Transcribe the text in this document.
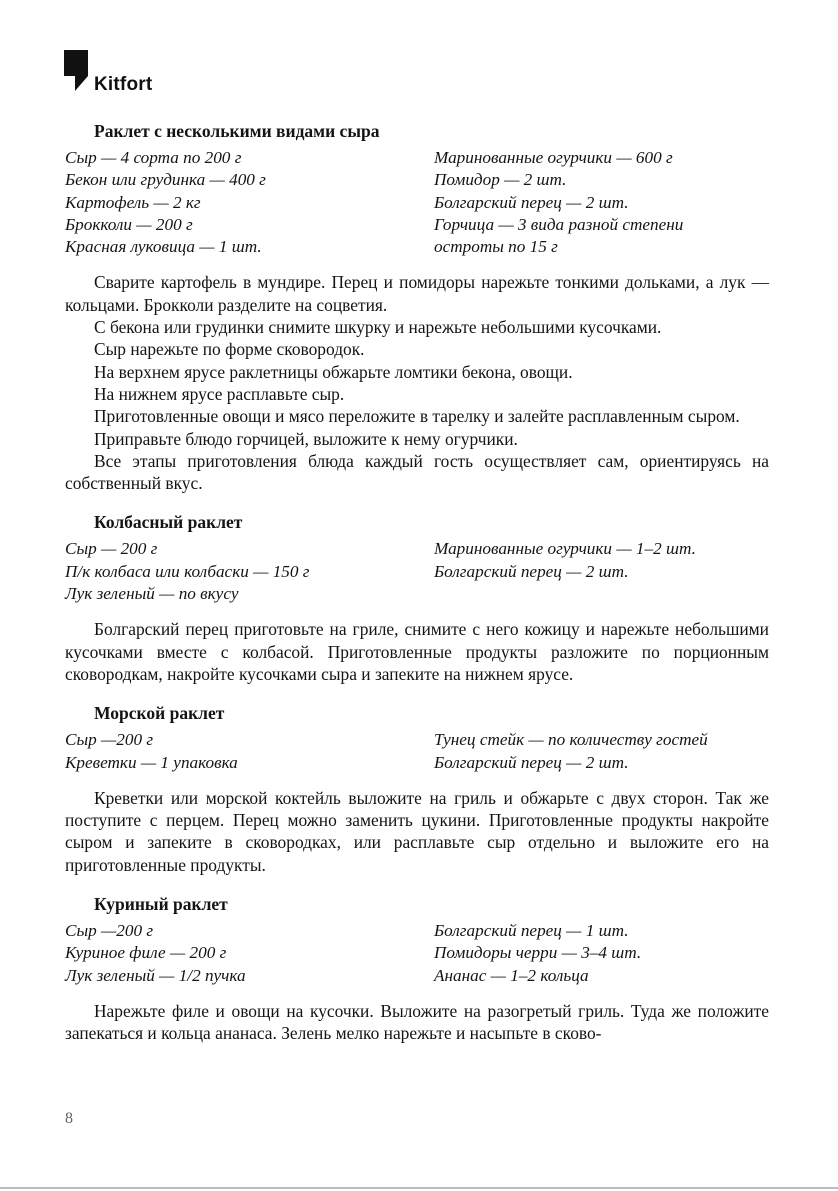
Kitfort
Раклет с несколькими видами сыра
Сыр — 4 сорта по 200 г
Бекон или грудинка — 400 г
Картофель — 2 кг
Брокколи — 200 г
Красная луковица — 1 шт.
Маринованные огурчики — 600 г
Помидор — 2 шт.
Болгарский перец — 2 шт.
Горчица — 3 вида разной степени
остроты по 15 г

Сварите картофель в мундире. Перец и помидоры нарежьте тонкими дольками, а лук — кольцами. Брокколи разделите на соцветия.

С бекона или грудинки снимите шкурку и нарежьте небольшими кусочками.

Сыр нарежьте по форме сковородок.

На верхнем ярусе раклетницы обжарьте ломтики бекона, овощи.

На нижнем ярусе расплавьте сыр.

Приготовленные овощи и мясо переложите в тарелку и залейте расплавленным сыром.

Приправьте блюдо горчицей, выложите к нему огурчики.

Все этапы приготовления блюда каждый гость осуществляет сам, ориентируясь на собственный вкус.

Колбасный раклет
Сыр — 200 г
П/к колбаса или колбаски — 150 г
Лук зеленый — по вкусу
Маринованные огурчики — 1–2 шт.
Болгарский перец — 2 шт.

Болгарский перец приготовьте на гриле, снимите с него кожицу и нарежьте небольшими кусочками вместе с колбасой. Приготовленные продукты разложите по порционным сковородкам, накройте кусочками сыра и запеките на нижнем ярусе.

Морской раклет
Сыр —200 г
Креветки — 1 упаковка
Тунец стейк — по количеству гостей
Болгарский перец — 2 шт.

Креветки или морской коктейль выложите на гриль и обжарьте с двух сторон. Так же поступите с перцем. Перец можно заменить цукини. Приготовленные продукты накройте сыром и запеките в сковородках, или расплавьте сыр отдельно и выложите его на приготовленные продукты.

Куриный раклет
Сыр —200 г
Куриное филе — 200 г
Лук зеленый — 1/2 пучка
Болгарский перец — 1 шт.
Помидоры черри — 3–4 шт.
Ананас — 1–2 кольца

Нарежьте филе и овощи на кусочки. Выложите на разогретый гриль. Туда же положите запекаться и кольца ананаса. Зелень мелко нарежьте и насыпьте в сково-

8
